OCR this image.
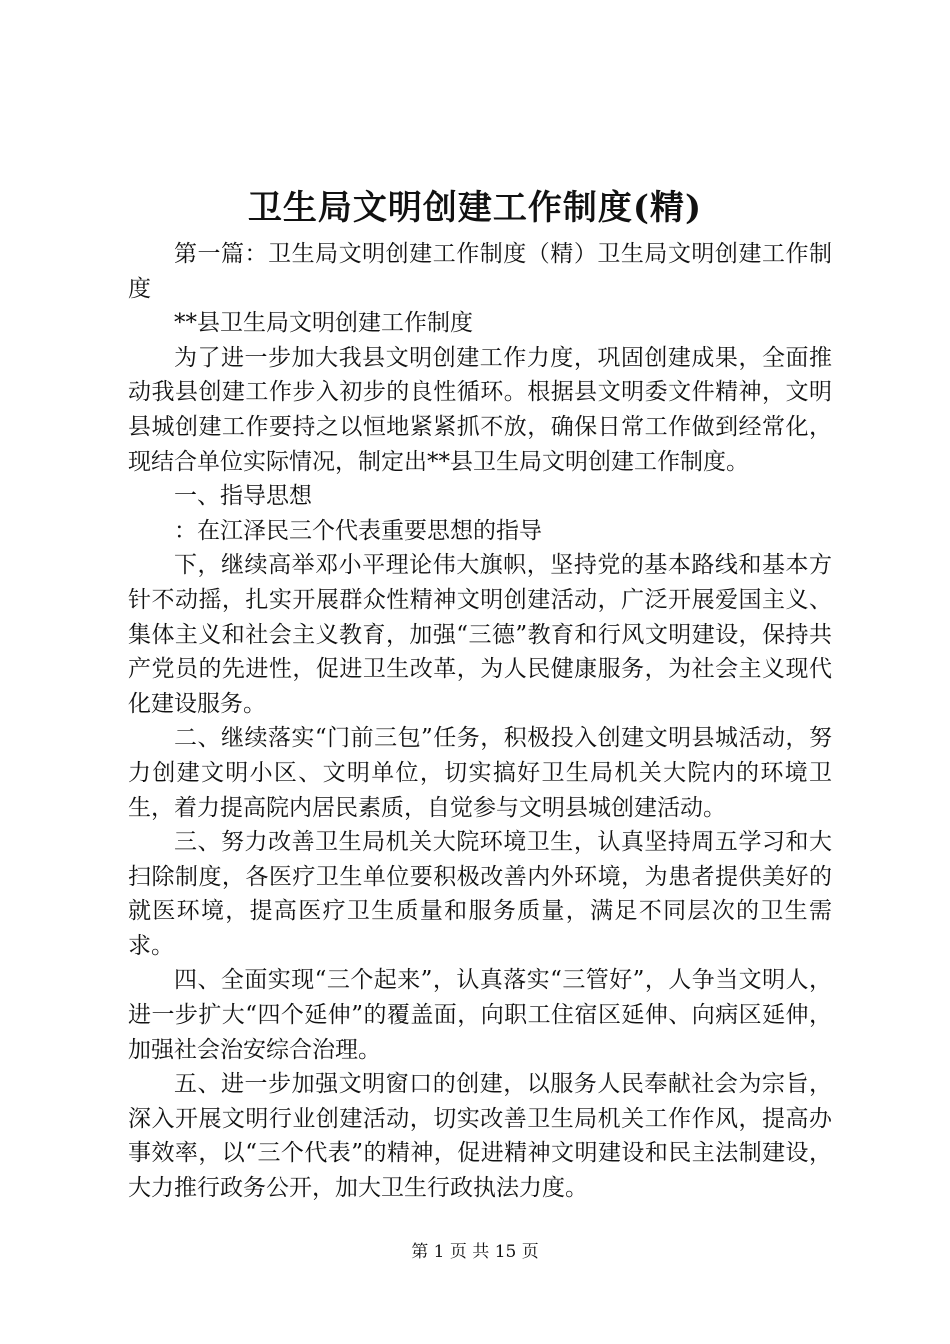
卫生局文明创建工作制度(精)

第一篇：卫生局文明创建工作制度（精）卫生局文明创建工作制度

**县卫生局文明创建工作制度

为了进一步加大我县文明创建工作力度，巩固创建成果，全面推动我县创建工作步入初步的良性循环。根据县文明委文件精神，文明县城创建工作要持之以恒地紧紧抓不放，确保日常工作做到经常化，现结合单位实际情况，制定出**县卫生局文明创建工作制度。

一、指导思想

：在江泽民三个代表重要思想的指导

下，继续高举邓小平理论伟大旗帜，坚持党的基本路线和基本方针不动摇，扎实开展群众性精神文明创建活动，广泛开展爱国主义、集体主义和社会主义教育，加强“三德”教育和行风文明建设，保持共产党员的先进性，促进卫生改革，为人民健康服务，为社会主义现代化建设服务。

二、继续落实“门前三包”任务，积极投入创建文明县城活动，努力创建文明小区、文明单位，切实搞好卫生局机关大院内的环境卫生，着力提高院内居民素质，自觉参与文明县城创建活动。

三、努力改善卫生局机关大院环境卫生，认真坚持周五学习和大扫除制度，各医疗卫生单位要积极改善内外环境，为患者提供美好的就医环境，提高医疗卫生质量和服务质量，满足不同层次的卫生需求。

四、全面实现“三个起来”，认真落实“三管好”，人争当文明人，进一步扩大“四个延伸”的覆盖面，向职工住宿区延伸、向病区延伸，加强社会治安综合治理。

五、进一步加强文明窗口的创建，以服务人民奉献社会为宗旨，深入开展文明行业创建活动，切实改善卫生局机关工作作风，提高办事效率，以“三个代表”的精神，促进精神文明建设和民主法制建设，大力推行政务公开，加大卫生行政执法力度。

第 1 页 共 15 页
